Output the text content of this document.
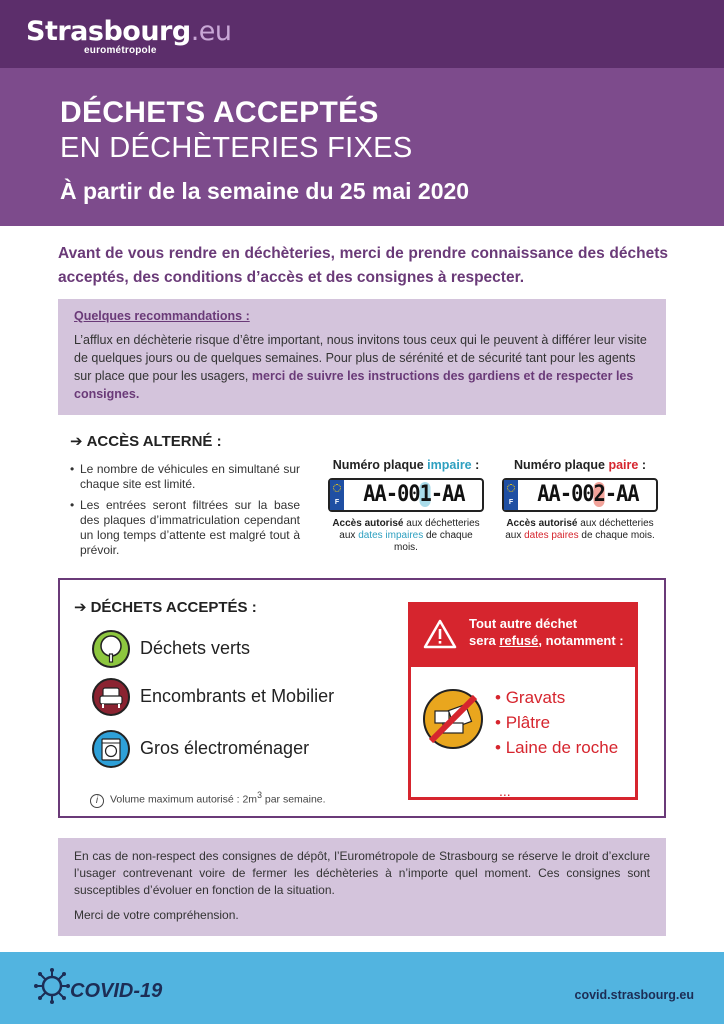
Strasbourg.eu
eurométropole
DÉCHETS ACCEPTÉS
EN DÉCHÈTERIES FIXES
À partir de la semaine du 25 mai 2020

Avant de vous rendre en déchèteries, merci de prendre connaissance des déchets acceptés, des conditions d’accès et des consignes à respecter.

Quelques recommandations :

L’afflux en déchèterie risque d’être important, nous invitons tous ceux qui le peuvent à différer leur visite de quelques jours ou de quelques semaines. Pour plus de sérénité et de sécurité tant pour les agents sur place que pour les usagers, merci de suivre les instructions des gardiens et de respecter les consignes.

➔ ACCÈS ALTERNÉ :
• Le nombre de véhicules en simultané sur chaque site est limité.
• Les entrées seront filtrées sur la base des plaques d’immatriculation cependant un long temps d’attente est malgré tout à prévoir.
Numéro plaque impaire :
F	AA-001-AA
Accès autorisé aux déchetteries aux dates impaires de chaque mois.
Numéro plaque paire :
F	AA-002-AA
Accès autorisé aux déchetteries aux dates paires de chaque mois.
➔ DÉCHETS ACCEPTÉS :
Déchets verts
Encombrants et Mobilier
Gros électroménager
i Volume maximum autorisé : $2m^3$ par semaine.
Tout autre déchet
sera refusé, notamment :
• Gravats
• Plâtre
• Laine de roche
...

En cas de non-respect des consignes de dépôt, l’Eurométropole de Strasbourg se réserve le droit d’exclure l’usager contrevenant voire de fermer les déchèteries à n’importe quel moment. Ces consignes sont susceptibles d’évoluer en fonction de la situation.

Merci de votre compréhension.

COVID-19	covid.strasbourg.eu
